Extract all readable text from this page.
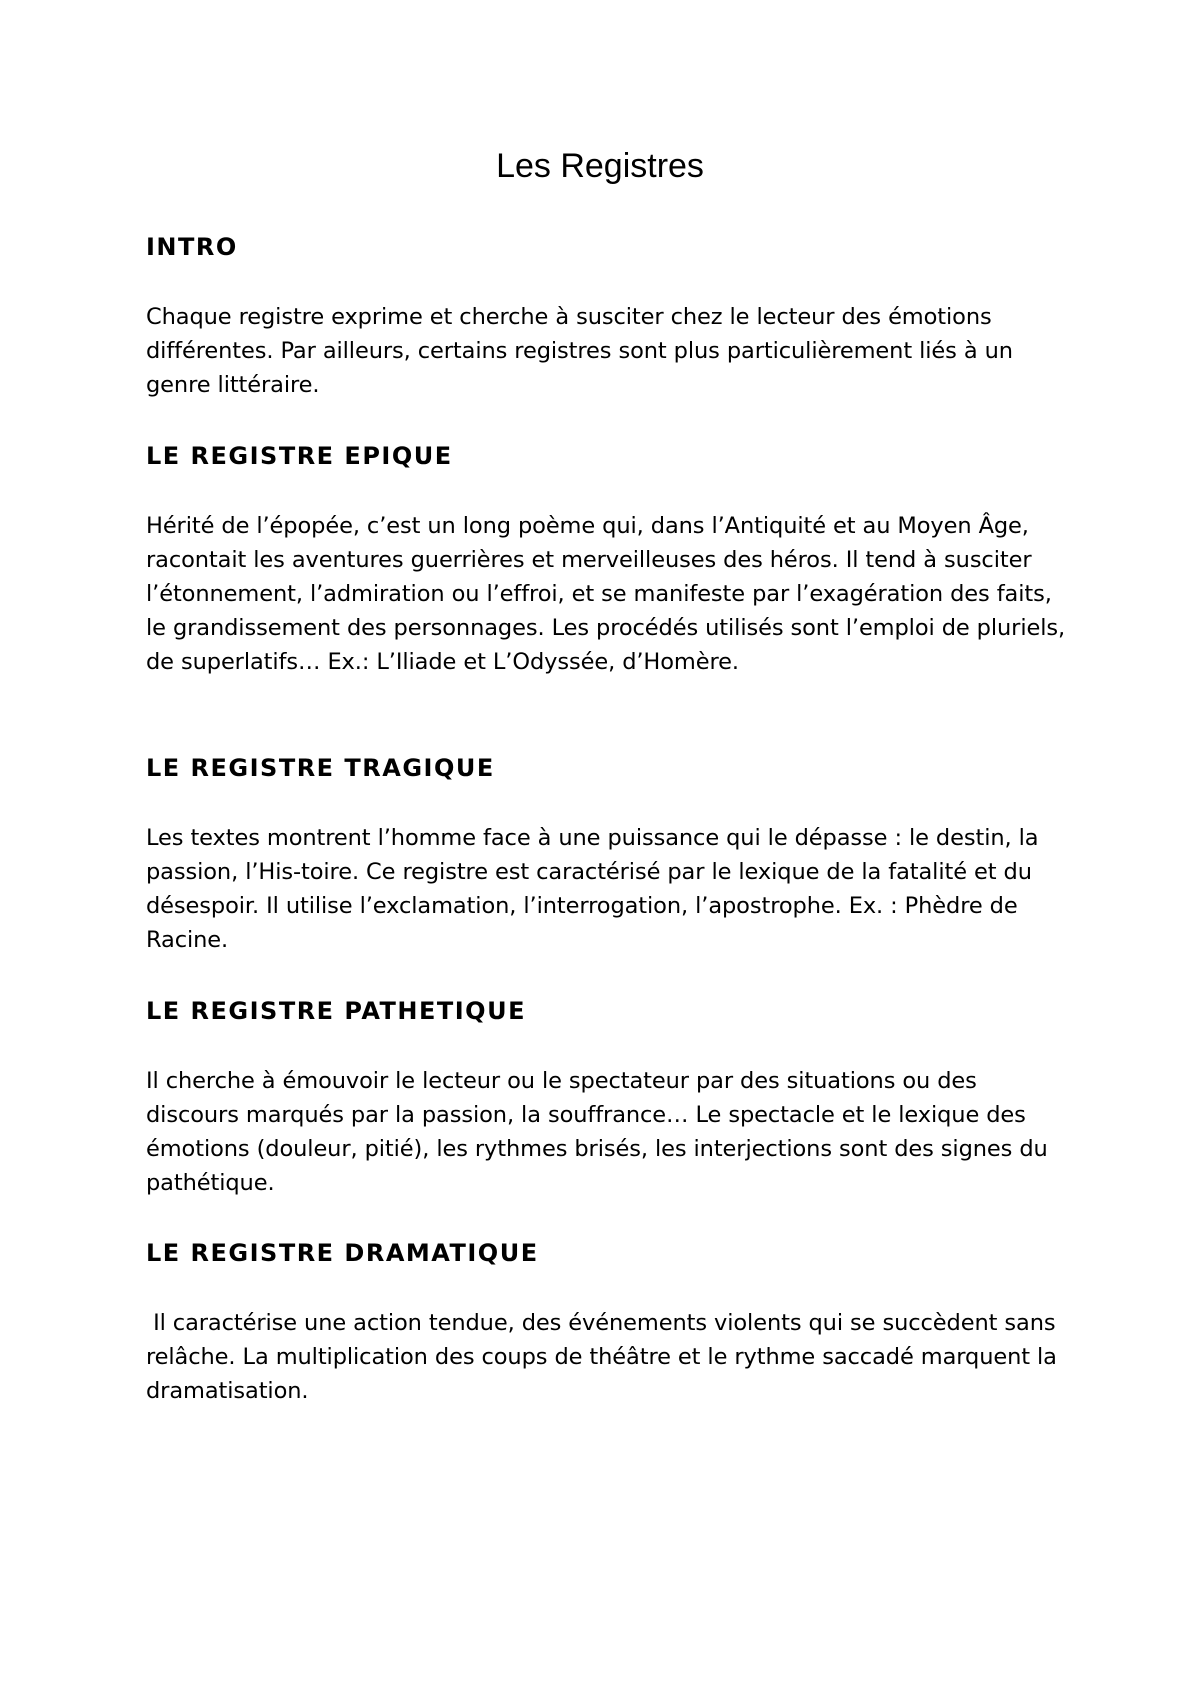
Les Registres
INTRO

Chaque registre exprime et cherche à susciter chez le lecteur des émotions différentes. Par ailleurs, certains registres sont plus particulièrement liés à un genre littéraire.

LE REGISTRE EPIQUE

Hérité de l’épopée, c’est un long poème qui, dans l’Antiquité et au Moyen Âge, racontait les aventures guerrières et merveilleuses des héros. Il tend à susciter l’étonnement, l’admiration ou l’effroi, et se manifeste par l’exagération des faits, le grandissement des personnages. Les procédés utilisés sont l’emploi de pluriels, de superlatifs… Ex.: L’Iliade et L’Odyssée, d’Homère.

LE REGISTRE TRAGIQUE

Les textes montrent l’homme face à une puissance qui le dépasse : le destin, la passion, l’His-toire. Ce registre est caractérisé par le lexique de la fatalité et du désespoir. Il utilise l’exclamation, l’interrogation, l’apostrophe. Ex. : Phèdre de Racine.

LE REGISTRE PATHETIQUE

Il cherche à émouvoir le lecteur ou le spectateur par des situations ou des discours marqués par la passion, la souffrance… Le spectacle et le lexique des émotions (douleur, pitié), les rythmes brisés, les interjections sont des signes du pathétique.

LE REGISTRE DRAMATIQUE

Il caractérise une action tendue, des événements violents qui se succèdent sans relâche. La multiplication des coups de théâtre et le rythme saccadé marquent la dramatisation.
